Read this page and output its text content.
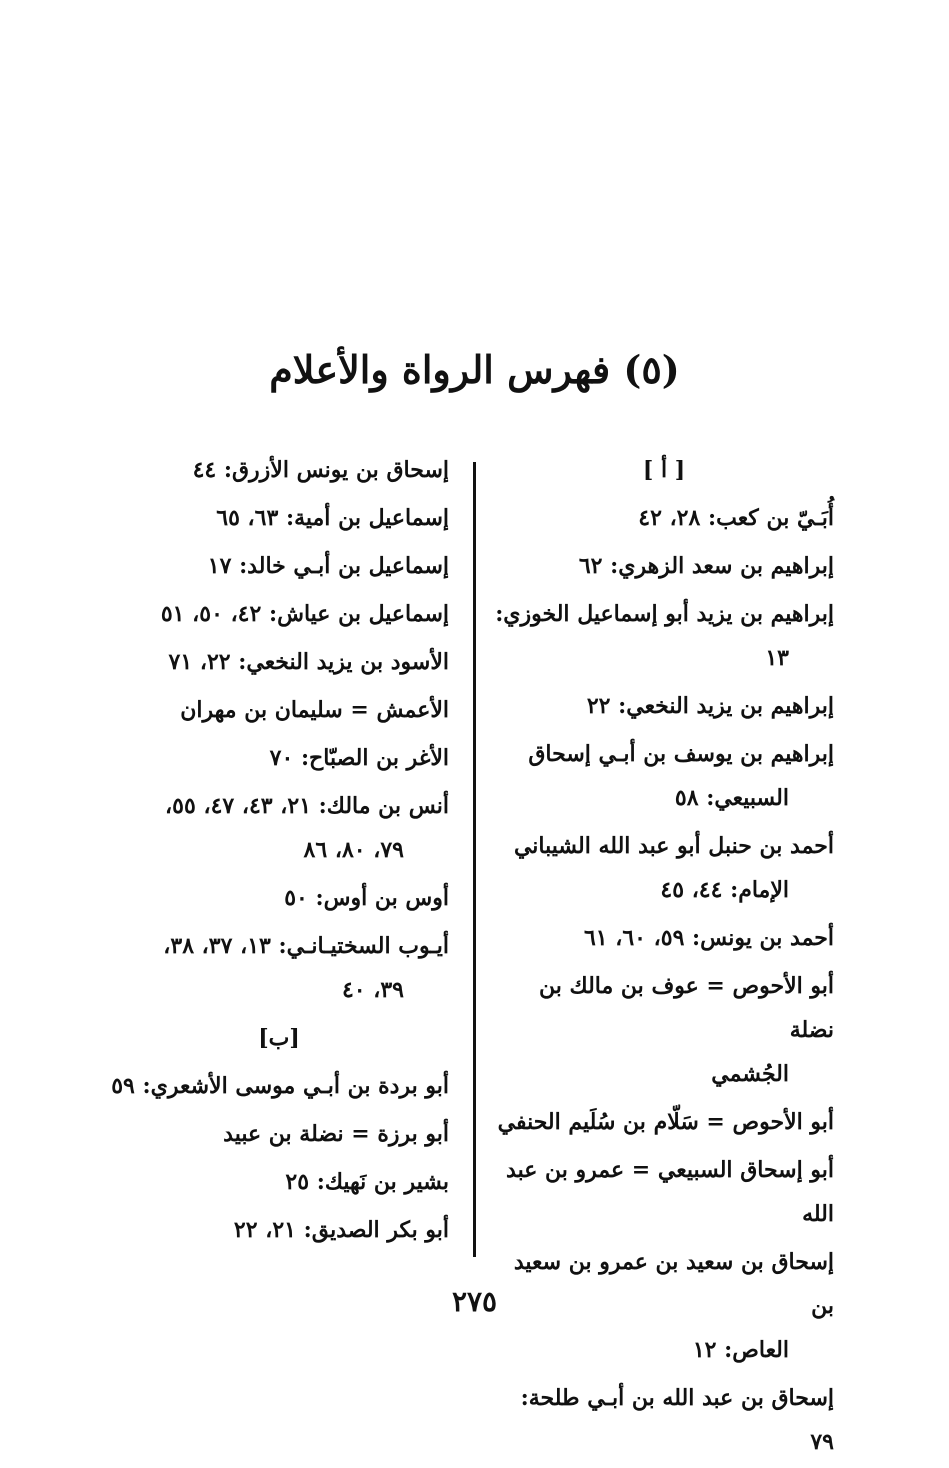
(٥) فهرس الرواة والأعلام
[ أ ]
أُبَـيّ بن كعب: ٢٨، ٤٢
إبراهيم بن سعد الزهري: ٦٢
إبراهيم بن يزيد أبو إسماعيل الخوزي:
١٣
إبراهيم بن يزيد النخعي: ٢٢
إبراهيم بن يوسف بن أبـي إسحاق
السبيعي: ٥٨
أحمد بن حنبل أبو عبد الله الشيباني
الإمام: ٤٤، ٤٥
أحمد بن يونس: ٥٩، ٦٠، ٦١
أبو الأحوص = عوف بن مالك بن نضلة
الجُشمي
أبو الأحوص = سَلّام بن سُلَيم الحنفي
أبو إسحاق السبيعي = عمرو بن عبد الله
إسحاق بن سعيد بن عمرو بن سعيد بن
العاص: ١٢
إسحاق بن عبد الله بن أبـي طلحة: ٧٩
إسحاق بن يونس الأزرق: ٤٤
إسماعيل بن أمية: ٦٣، ٦٥
إسماعيل بن أبـي خالد: ١٧
إسماعيل بن عياش: ٤٢، ٥٠، ٥١
الأسود بن يزيد النخعي: ٢٢، ٧١
الأعمش = سليمان بن مهران
الأغر بن الصبّاح: ٧٠
أنس بن مالك: ٢١، ٤٣، ٤٧، ٥٥،
٧٩، ٨٠، ٨٦
أوس بن أوس: ٥٠
أيـوب السختيـانـي: ١٣، ٣٧، ٣٨،
٣٩، ٤٠
[ب]
أبو بردة بن أبـي موسى الأشعري: ٥٩
أبو برزة = نضلة بن عبيد
بشير بن نَهيك: ٢٥
أبو بكر الصديق: ٢١، ٢٢
٢٧٥
